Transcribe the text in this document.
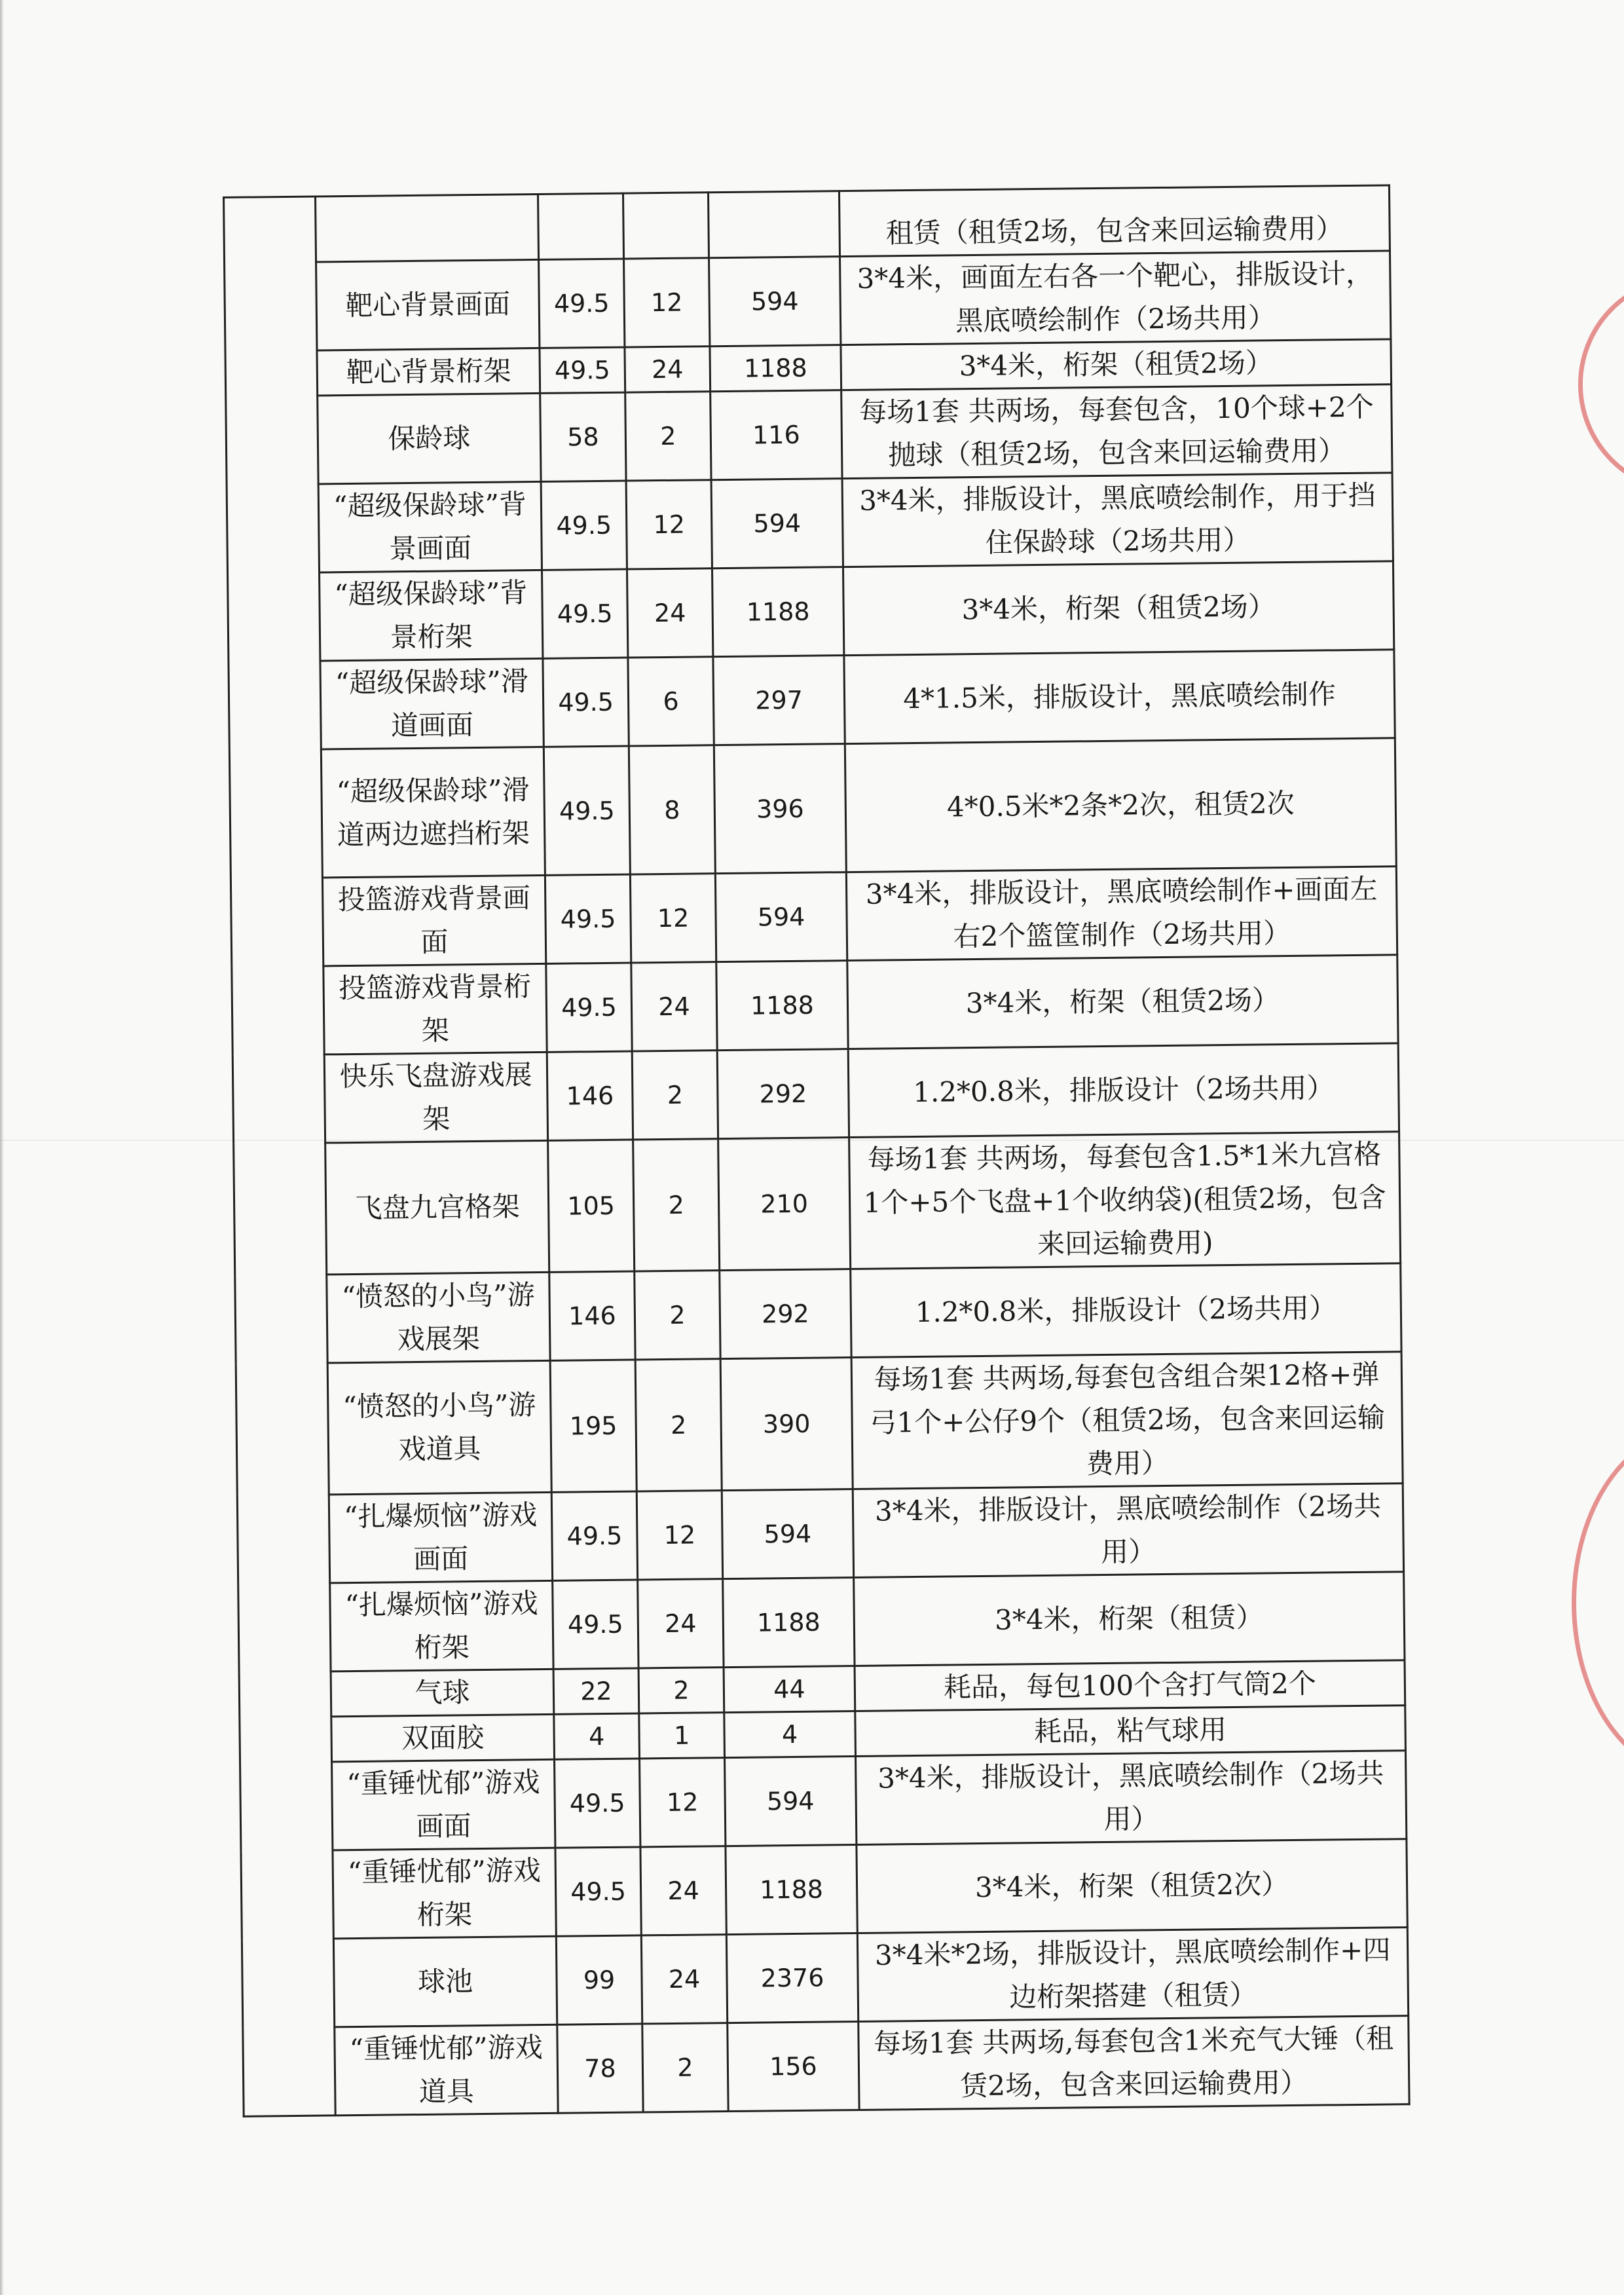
					租赁（租赁2场，包含来回运输费用）
	靶心背景画面	49.5	12	594	3*4米，画面左右各一个靶心，排版设计，黑底喷绘制作（2场共用）
	靶心背景桁架	49.5	24	1188	3*4米，桁架（租赁2场）
	保龄球	58	2	116	每场1套 共两场，每套包含，10个球+2个抛球（租赁2场，包含来回运输费用）
	“超级保龄球”背景画面	49.5	12	594	3*4米，排版设计，黑底喷绘制作，用于挡住保龄球（2场共用）
	“超级保龄球”背景桁架	49.5	24	1188	3*4米，桁架（租赁2场）
	“超级保龄球”滑道画面	49.5	6	297	4*1.5米，排版设计，黑底喷绘制作
	“超级保龄球”滑道两边遮挡桁架	49.5	8	396	4*0.5米*2条*2次，租赁2次
	投篮游戏背景画面	49.5	12	594	3*4米，排版设计，黑底喷绘制作+画面左右2个篮筐制作（2场共用）
	投篮游戏背景桁架	49.5	24	1188	3*4米，桁架（租赁2场）
	快乐飞盘游戏展架	146	2	292	1.2*0.8米，排版设计（2场共用）
	飞盘九宫格架	105	2	210	每场1套 共两场，每套包含1.5*1米九宫格1个+5个飞盘+1个收纳袋)(租赁2场，包含来回运输费用)
	“愤怒的小鸟”游戏展架	146	2	292	1.2*0.8米，排版设计（2场共用）
	“愤怒的小鸟”游戏道具	195	2	390	每场1套 共两场,每套包含组合架12格+弹弓1个+公仔9个（租赁2场，包含来回运输费用）
	“扎爆烦恼”游戏画面	49.5	12	594	3*4米，排版设计，黑底喷绘制作（2场共用）
	“扎爆烦恼”游戏桁架	49.5	24	1188	3*4米，桁架（租赁）
	气球	22	2	44	耗品，每包100个含打气筒2个
	双面胶	4	1	4	耗品，粘气球用
	“重锤忧郁”游戏画面	49.5	12	594	3*4米，排版设计，黑底喷绘制作（2场共用）
	“重锤忧郁”游戏桁架	49.5	24	1188	3*4米，桁架（租赁2次）
	球池	99	24	2376	3*4米*2场，排版设计，黑底喷绘制作+四边桁架搭建（租赁）
	“重锤忧郁”游戏道具	78	2	156	每场1套 共两场,每套包含1米充气大锤（租赁2场，包含来回运输费用）
